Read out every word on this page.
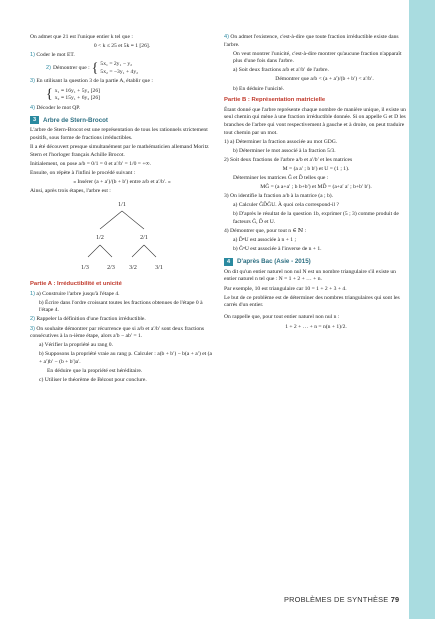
On admet que 21 est l'unique entier k tel que :

0 < k ≤ 25 et 5k ≡ 1 [26].

1) Coder le mot ET.

2) Démontrer que : { 5x₁ = 2y₁ − y₂
5x₂ = −3y₁ + 4y₂

3) En utilisant la question 3 de la partie A, établir que :

{ x₁ ≡ 16y₁ + 5y₂ [26]
x₂ ≡ 15y₁ + 6y₂ [26]

4) Décoder le mot QP.

3	Arbre de Stern-Brocot

L'arbre de Stern-Brocot est une représentation de tous les rationnels strictement positifs, sous forme de fractions irréductibles.

Il a été découvert presque simultanément par le mathématicien allemand Moritz Stern et l'horloger français Achille Brocot.

Initialement, on pose a/b = 0/1 = 0 et a′/b′ = 1/0 = +∞.

Ensuite, on répète à l'infini le procédé suivant :

« Insérer (a + a′)/(b + b′) entre a/b et a′/b′. »

Ainsi, après trois étapes, l'arbre est :

1/1
1/2	2/1
1/3	2/3 3/2	3/1
Partie A : Irréductibilité et unicité

1) a) Construire l'arbre jusqu'à l'étape 4.

b) Écrire dans l'ordre croissant toutes les fractions obtenues de l'étape 0 à l'étape 4.

2) Rappeler la définition d'une fraction irréductible.

3) On souhaite démontrer par récurrence que si a/b et a′/b′ sont deux fractions consécutives à la n-ième étape, alors a′b − ab′ = 1.

a) Vérifier la propriété au rang 0.

b) Supposons la propriété vraie au rang p. Calculer : a(b + b′) − b(a + a′) et (a + a′)b′ − (b + b′)a′.

En déduire que la propriété est héréditaire.

c) Utiliser le théorème de Bézout pour conclure.

4) On admet l'existence, c'est-à-dire que toute fraction irréductible existe dans l'arbre.

On veut montrer l'unicité, c'est-à-dire montrer qu'aucune fraction n'apparaît plus d'une fois dans l'arbre.

a) Soit deux fractions a/b et a′/b′ de l'arbre.

Démontrer que a/b < (a + a′)/(b + b′) < a′/b′.

b) En déduire l'unicité.

Partie B : Représentation matricielle

Étant donné que l'arbre représente chaque nombre de manière unique, il existe un seul chemin qui mène à une fraction irréductible donnée. Si on appelle G et D les branches de l'arbre qui vont respectivement à gauche et à droite, on peut traduire tout chemin par un mot.

1) a) Déterminer la fraction associée au mot GDG.

b) Déterminer le mot associé à la fraction 5/3.

2) Soit deux fractions de l'arbre a/b et a′/b′ et les matrices

M = (a a′ ; b b′) et U = (1 ; 1).

Déterminer les matrices Ĝ et D̂ telles que :

MĜ = (a a+a′ ; b b+b′) et MD̂ = (a+a′ a′ ; b+b′ b′).

3) On identifie la fraction a/b à la matrice (a ; b).

a) Calculer ĜD̂ĜU. À quoi cela correspond-il ?

b) D'après le résultat de la question 1b, exprimer (5 ; 3) comme produit de facteurs Ĝ, D̂ et U.

4) Démontrer que, pour tout n ∈ ℕ :

a) D̂ⁿU est associée à n + 1 ;

b) ĜⁿU est associée à l'inverse de n + 1.

4	D'après Bac (Asie - 2015)

On dit qu'un entier naturel non nul N est un nombre triangulaire s'il existe un entier naturel n tel que : N = 1 + 2 + … + n.

Par exemple, 10 est triangulaire car 10 = 1 + 2 + 3 + 4.

Le but de ce problème est de déterminer des nombres triangulaires qui sont les carrés d'un entier.

On rappelle que, pour tout entier naturel non nul n :

1 + 2 + … + n = n(n + 1)/2.

PROBLÈMES DE SYNTHÈSE 79
